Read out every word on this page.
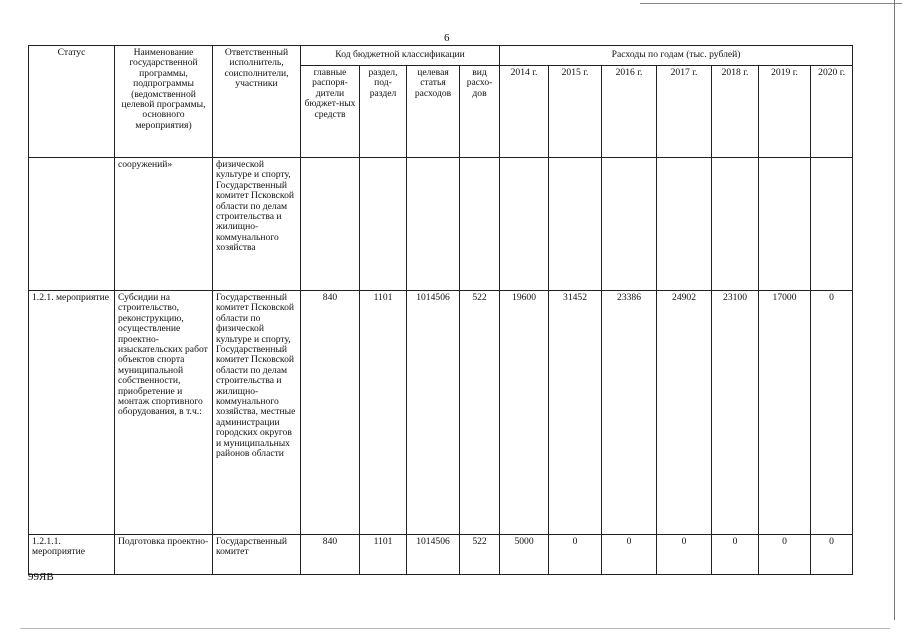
6
Статус	Наименование государственной программы, подпрограммы (ведомственной целевой программы, основного мероприятия)	Ответственный исполнитель, соисполнители, участники	Код бюджетной классификации				Расходы по годам (тыс. рублей)						
			главные распоря-дители бюджет-ных средств	раздел, под-раздел	целевая статья расходов	вид расхо-дов	2014 г.	2015 г.	2016 г.	2017 г.	2018 г.	2019 г.	2020 г.
	сооружений»	физической культуре и спорту, Государственный комитет Псковской области по делам строительства и жилищно-коммунального хозяйства											
1.2.1. мероприятие	Субсидии на строительство, реконструкцию, осуществление проектно-изыскательских работ объектов спорта муниципальной собственности, приобретение и монтаж спортивного оборудования, в т.ч.:	Государственный комитет Псковской области по физической культуре и спорту, Государственный комитет Псковской области по делам строительства и жилищно-коммунального хозяйства, местные администрации городских округов и муниципальных районов области	840	1101	1014506	522	19600	31452	23386	24902	23100	17000	0
1.2.1.1. мероприятие	Подготовка проектно-	Государственный комитет	840	1101	1014506	522	5000	0	0	0	0	0	0
99ЯВ
